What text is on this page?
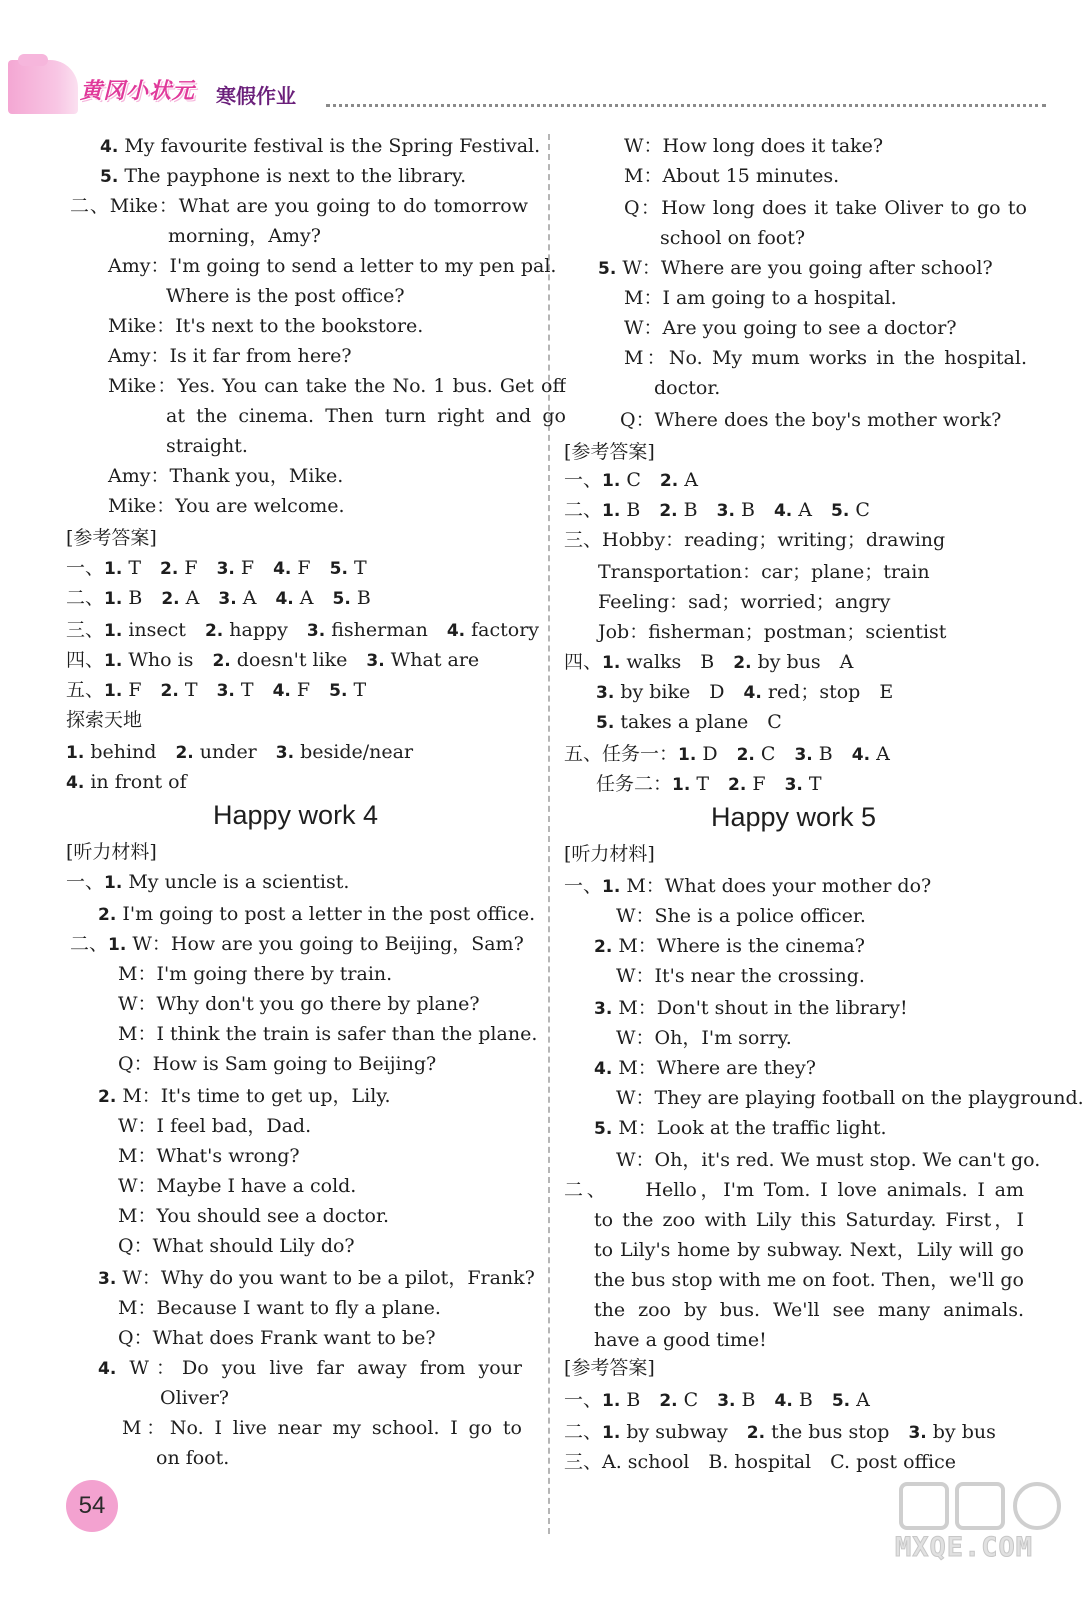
黄冈小状元 寒假作业
4. My favourite festival is the Spring Festival.
5. The payphone is next to the library.
二、Mike：What are you going to do tomorrow
morning，Amy?
Amy：I'm going to send a letter to my pen pal.
Where is the post office?
Mike：It's next to the bookstore.
Amy：Is it far from here?
Mike：Yes. You can take the No. 1 bus. Get off
at the cinema. Then turn right and go
straight.
Amy：Thank you，Mike.
Mike：You are welcome.
[参考答案]
一、1. T　2. F　3. F　4. F　5. T
二、1. B　2. A　3. A　4. A　5. B
三、1. insect　2. happy　3. fisherman　4. factory
四、1. Who is　2. doesn't like　3. What are
五、1. F　2. T　3. T　4. F　5. T
探索天地
1. behind　2. under　3. beside/near
4. in front of
Happy work 4
[听力材料]
一、1. My uncle is a scientist.
2. I'm going to post a letter in the post office.
二、1. W：How are you going to Beijing，Sam?
M：I'm going there by train.
W：Why don't you go there by plane?
M：I think the train is safer than the plane.
Q：How is Sam going to Beijing?
2. M：It's time to get up，Lily.
W：I feel bad，Dad.
M：What's wrong?
W：Maybe I have a cold.
M：You should see a doctor.
Q：What should Lily do?
3. W：Why do you want to be a pilot，Frank?
M：Because I want to fly a plane.
Q：What does Frank want to be?
4. W：Do you live far away from your
Oliver?
M：No. I live near my school. I go to
on foot.
W：How long does it take?
M：About 15 minutes.
Q：How long does it take Oliver to go to
school on foot?
5. W：Where are you going after school?
M：I am going to a hospital.
W：Are you going to see a doctor?
M：No. My mum works in the hospital.
doctor.
Q：Where does the boy's mother work?
[参考答案]
一、1. C　2. A
二、1. B　2. B　3. B　4. A　5. C
三、Hobby：reading；writing；drawing
Transportation：car；plane；train
Feeling：sad；worried；angry
Job：fisherman；postman；scientist
四、1. walks　B　2. by bus　A
3. by bike　D　4. red；stop　E
5. takes a plane　C
五、任务一：1. D　2. C　3. B　4. A
任务二：1. T　2. F　3. T
Happy work 5
[听力材料]
一、1. M：What does your mother do?
W：She is a police officer.
2. M：Where is the cinema?
W：It's near the crossing.
3. M：Don't shout in the library!
W：Oh，I'm sorry.
4. M：Where are they?
W：They are playing football on the playground.
5. M：Look at the traffic light.
W：Oh，it's red. We must stop. We can't go.
二、　　Hello，I'm Tom. I love animals. I am
to the zoo with Lily this Saturday. First，I
to Lily's home by subway. Next，Lily will go
the bus stop with me on foot. Then，we'll go
the zoo by bus. We'll see many animals.
have a good time!
[参考答案]
一、1. B　2. C　3. B　4. B　5. A
二、1. by subway　2. the bus stop　3. by bus
三、A. school　B. hospital　C. post office
54
MXQE.COM
